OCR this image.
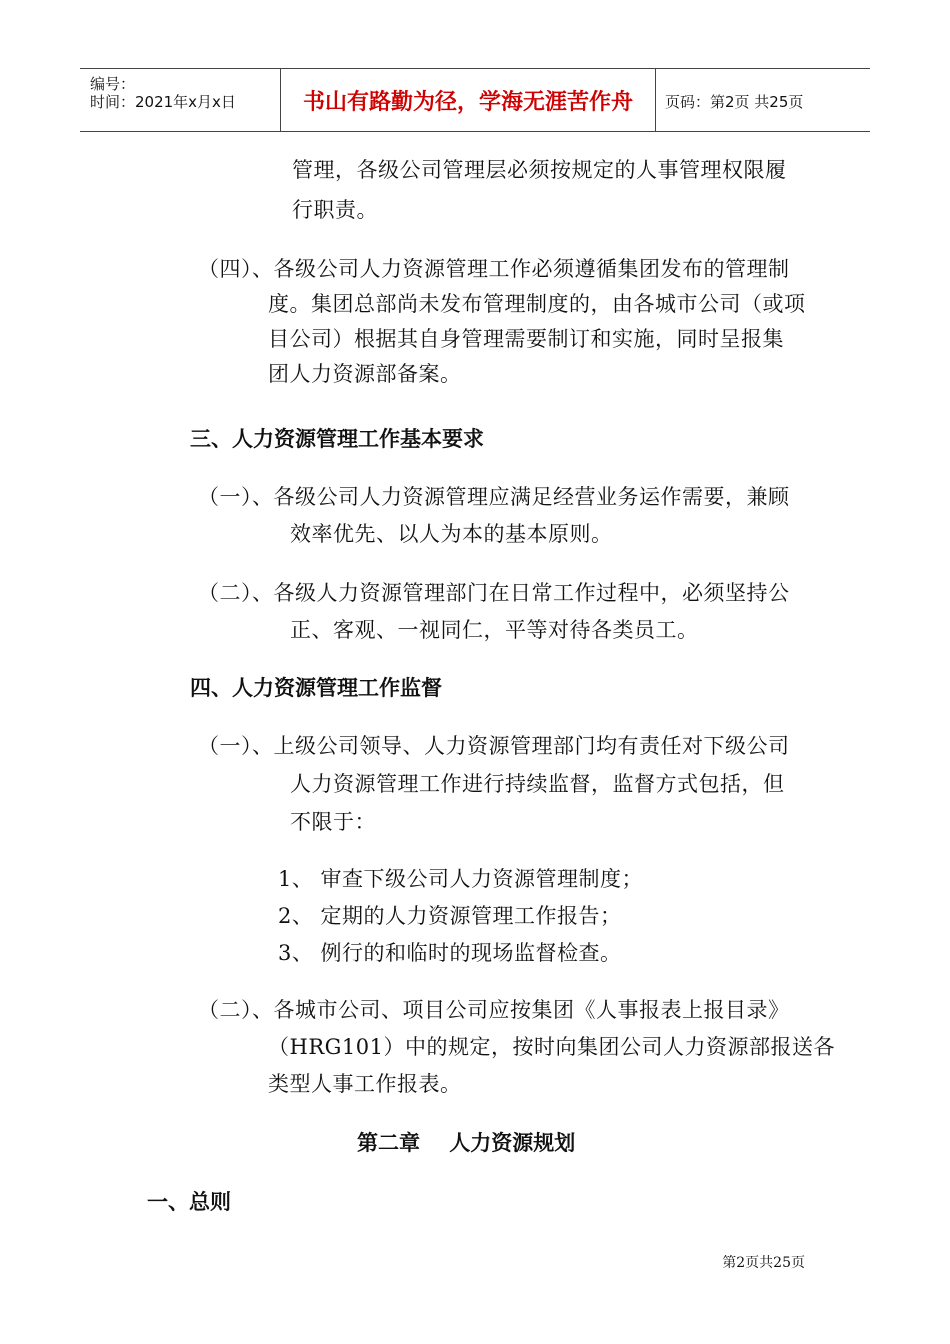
编号：
时间：2021年x月x日	书山有路勤为径，学海无涯苦作舟	页码：第2页 共25页
管理，各级公司管理层必须按规定的人事管理权限履
行职责。
（四）、各级公司人力资源管理工作必须遵循集团发布的管理制
度。集团总部尚未发布管理制度的，由各城市公司（或项
目公司）根据其自身管理需要制订和实施，同时呈报集
团人力资源部备案。
三、人力资源管理工作基本要求
（一）、各级公司人力资源管理应满足经营业务运作需要，兼顾
效率优先、以人为本的基本原则。
（二）、各级人力资源管理部门在日常工作过程中，必须坚持公
正、客观、一视同仁，平等对待各类员工。
四、人力资源管理工作监督
（一）、上级公司领导、人力资源管理部门均有责任对下级公司
人力资源管理工作进行持续监督，监督方式包括，但
不限于：
1、 审查下级公司人力资源管理制度；
2、 定期的人力资源管理工作报告；
3、 例行的和临时的现场监督检查。
（二）、各城市公司、项目公司应按集团《人事报表上报目录》
（HRG101）中的规定，按时向集团公司人力资源部报送各
类型人事工作报表。
第二章    人力资源规划
一、总则
第2页共25页
